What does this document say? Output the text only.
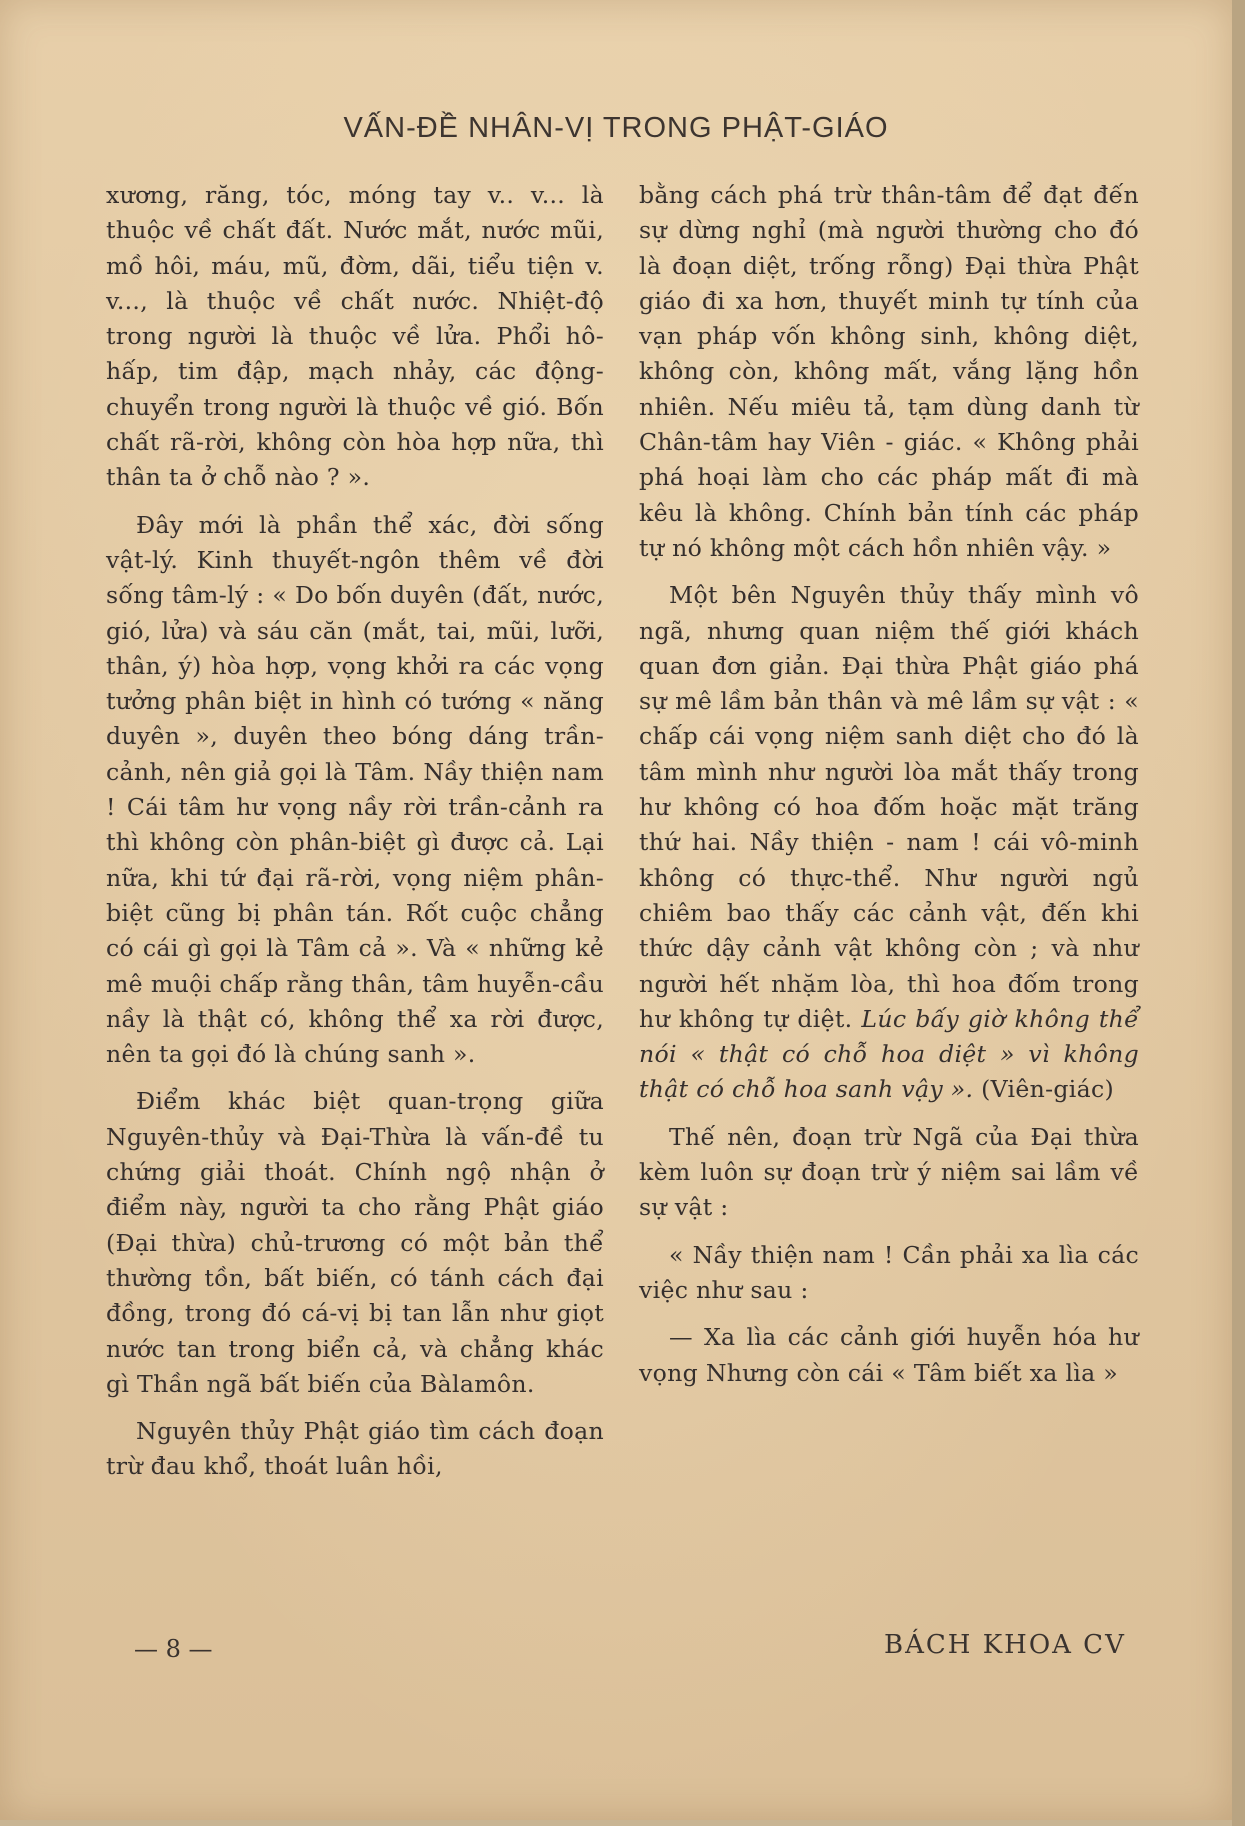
VẤN-ĐỀ NHÂN-VỊ TRONG PHẬT-GIÁO

xương, răng, tóc, móng tay v.. v... là thuộc về chất đất. Nước mắt, nước mũi, mồ hôi, máu, mũ, đờm, dãi, tiểu tiện v. v..., là thuộc về chất nước. Nhiệt-độ trong người là thuộc về lửa. Phổi hô-hấp, tim đập, mạch nhảy, các động-chuyển trong người là thuộc về gió. Bốn chất rã-rời, không còn hòa hợp nữa, thì thân ta ở chỗ nào ? ».

Đây mới là phần thể xác, đời sống vật-lý. Kinh thuyết-ngôn thêm về đời sống tâm-lý : « Do bốn duyên (đất, nước, gió, lửa) và sáu căn (mắt, tai, mũi, lưỡi, thân, ý) hòa hợp, vọng khởi ra các vọng tưởng phân biệt in hình có tướng « năng duyên », duyên theo bóng dáng trần-cảnh, nên giả gọi là Tâm. Nầy thiện nam ! Cái tâm hư vọng nầy rời trần-cảnh ra thì không còn phân-biệt gì được cả. Lại nữa, khi tứ đại rã-rời, vọng niệm phân-biệt cũng bị phân tán. Rốt cuộc chẳng có cái gì gọi là Tâm cả ». Và « những kẻ mê muội chấp rằng thân, tâm huyễn-cầu nầy là thật có, không thể xa rời được, nên ta gọi đó là chúng sanh ».

Điểm khác biệt quan-trọng giữa Nguyên-thủy và Đại-Thừa là vấn-đề tu chứng giải thoát. Chính ngộ nhận ở điểm này, người ta cho rằng Phật giáo (Đại thừa) chủ-trương có một bản thể thường tồn, bất biến, có tánh cách đại đồng, trong đó cá-vị bị tan lẫn như giọt nước tan trong biển cả, và chẳng khác gì Thần ngã bất biến của Bàlamôn.

Nguyên thủy Phật giáo tìm cách đoạn trừ đau khổ, thoát luân hồi,

bằng cách phá trừ thân-tâm để đạt đến sự dừng nghỉ (mà người thường cho đó là đoạn diệt, trống rỗng) Đại thừa Phật giáo đi xa hơn, thuyết minh tự tính của vạn pháp vốn không sinh, không diệt, không còn, không mất, vắng lặng hồn nhiên. Nếu miêu tả, tạm dùng danh từ Chân-tâm hay Viên - giác. « Không phải phá hoại làm cho các pháp mất đi mà kêu là không. Chính bản tính các pháp tự nó không một cách hồn nhiên vậy. »

Một bên Nguyên thủy thấy mình vô ngã, nhưng quan niệm thế giới khách quan đơn giản. Đại thừa Phật giáo phá sự mê lầm bản thân và mê lầm sự vật : « chấp cái vọng niệm sanh diệt cho đó là tâm mình như người lòa mắt thấy trong hư không có hoa đốm hoặc mặt trăng thứ hai. Nầy thiện - nam ! cái vô-minh không có thực-thể. Như người ngủ chiêm bao thấy các cảnh vật, đến khi thức dậy cảnh vật không còn ; và như người hết nhặm lòa, thì hoa đốm trong hư không tự diệt. Lúc bấy giờ không thể nói « thật có chỗ hoa diệt » vì không thật có chỗ hoa sanh vậy ». (Viên-giác)

Thế nên, đoạn trừ Ngã của Đại thừa kèm luôn sự đoạn trừ ý niệm sai lầm về sự vật :

« Nầy thiện nam ! Cần phải xa lìa các việc như sau :

— Xa lìa các cảnh giới huyễn hóa hư vọng Nhưng còn cái « Tâm biết xa lìa »

— 8 —	BÁCH KHOA CV
